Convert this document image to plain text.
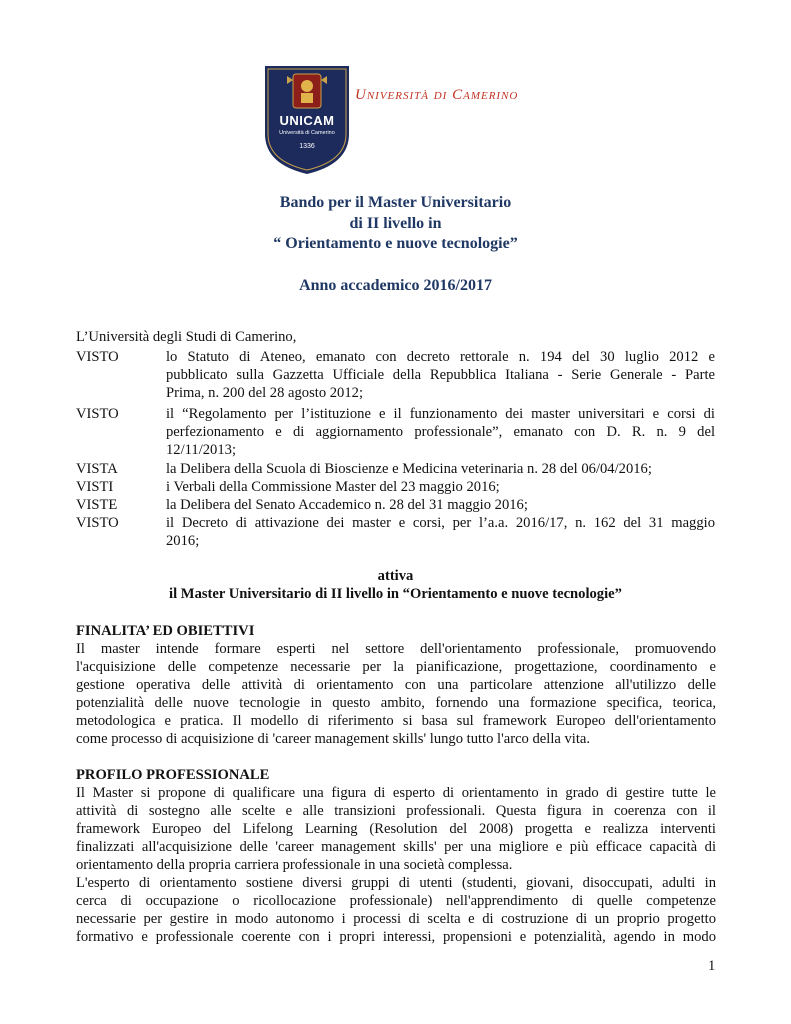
UNICAM
Università di Camerino
1336
Università di Camerino
Bando per il Master Universitario
di II livello in
“ Orientamento e nuove tecnologie”
Anno accademico 2016/2017
L’Università degli Studi di Camerino,
VISTO	lo Statuto di Ateneo, emanato con decreto rettorale n. 194 del 30 luglio 2012 e
pubblicato sulla Gazzetta Ufficiale della Repubblica Italiana - Serie Generale - Parte
Prima, n. 200 del 28 agosto 2012;
VISTO	il “Regolamento per l’istituzione e il funzionamento dei master universitari e corsi di
perfezionamento e di aggiornamento professionale”, emanato con D. R. n. 9 del
12/11/2013;
VISTA	la Delibera della Scuola di Bioscienze e Medicina veterinaria n. 28 del 06/04/2016;
VISTI	i Verbali della Commissione Master del 23 maggio 2016;
VISTE	la Delibera del Senato Accademico n. 28 del 31 maggio 2016;
VISTO	il Decreto di attivazione dei master e corsi, per l’a.a. 2016/17, n. 162 del 31 maggio
2016;
attiva
il Master Universitario di II livello in “Orientamento e nuove tecnologie”
FINALITA’ ED OBIETTIVI
Il master intende formare esperti nel settore dell'orientamento professionale, promuovendo
l'acquisizione delle competenze necessarie per la pianificazione, progettazione, coordinamento e
gestione operativa delle attività di orientamento con una particolare attenzione all'utilizzo delle
potenzialità delle nuove tecnologie in questo ambito, fornendo una formazione specifica, teorica,
metodologica e pratica. Il modello di riferimento si basa sul framework Europeo dell'orientamento
come processo di acquisizione di 'career management skills' lungo tutto l'arco della vita.
PROFILO PROFESSIONALE
Il Master si propone di qualificare una figura di esperto di orientamento in grado di gestire tutte le
attività di sostegno alle scelte e alle transizioni professionali. Questa figura in coerenza con il
framework Europeo del Lifelong Learning (Resolution del 2008) progetta e realizza interventi
finalizzati all'acquisizione delle 'career management skills' per una migliore e più efficace capacità di
orientamento della propria carriera professionale in una società complessa.
L'esperto di orientamento sostiene diversi gruppi di utenti (studenti, giovani, disoccupati, adulti in
cerca di occupazione o ricollocazione professionale) nell'apprendimento di quelle competenze
necessarie per gestire in modo autonomo i processi di scelta e di costruzione di un proprio progetto
formativo e professionale coerente con i propri interessi, propensioni e potenzialità, agendo in modo
1
